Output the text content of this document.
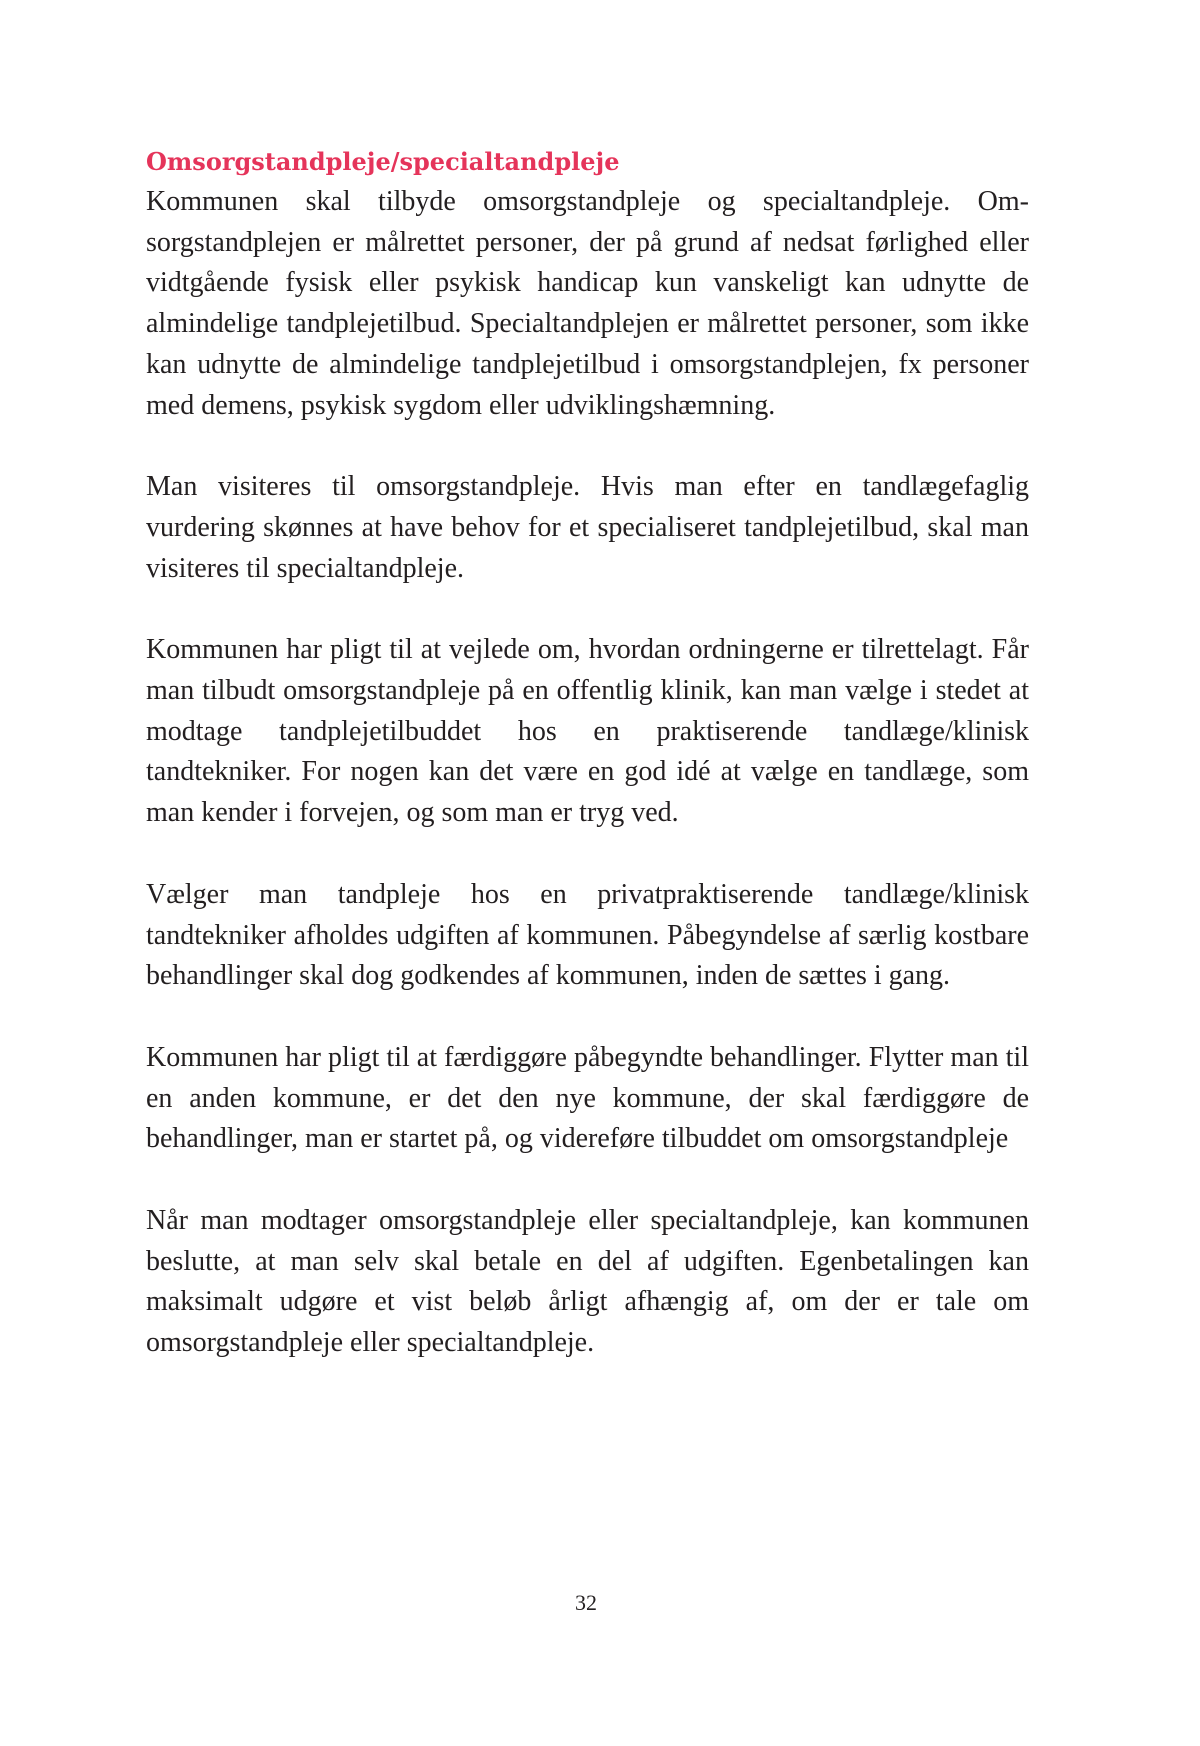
Omsorgstandpleje/specialtandpleje

Kommunen skal tilbyde omsorgstandpleje og specialtandpleje. Omsorgstandplejen er målrettet personer, der på grund af nedsat førlighed eller vidtgående fysisk eller psykisk handicap kun vanskeligt kan udnytte de almindelige tandplejetilbud. Specialtandplejen er målrettet personer, som ikke kan udnytte de almindelige tandplejetilbud i omsorgstandplejen, fx personer med demens, psykisk sygdom eller udviklingshæmning.

Man visiteres til omsorgstandpleje. Hvis man efter en tandlægefaglig vurdering skønnes at have behov for et specialiseret tandplejetilbud, skal man visiteres til specialtandpleje.

Kommunen har pligt til at vejlede om, hvordan ordningerne er tilrettelagt. Får man tilbudt omsorgstandpleje på en offentlig klinik, kan man vælge i stedet at modtage tandplejetilbuddet hos en praktiserende tandlæge/klinisk tandtekniker. For nogen kan det være en god idé at vælge en tandlæge, som man kender i forvejen, og som man er tryg ved.

Vælger man tandpleje hos en privatpraktiserende tandlæge/klinisk tandtekniker afholdes udgiften af kommunen. Påbegyndelse af særlig kostbare behandlinger skal dog godkendes af kommunen, inden de sættes i gang.

Kommunen har pligt til at færdiggøre påbegyndte behandlinger. Flytter man til en anden kommune, er det den nye kommune, der skal færdiggøre de behandlinger, man er startet på, og videreføre tilbuddet om omsorgstandpleje

Når man modtager omsorgstandpleje eller specialtandpleje, kan kommunen beslutte, at man selv skal betale en del af udgiften. Egenbetalingen kan maksimalt udgøre et vist beløb årligt afhængig af, om der er tale om omsorgstandpleje eller specialtandpleje.

32
